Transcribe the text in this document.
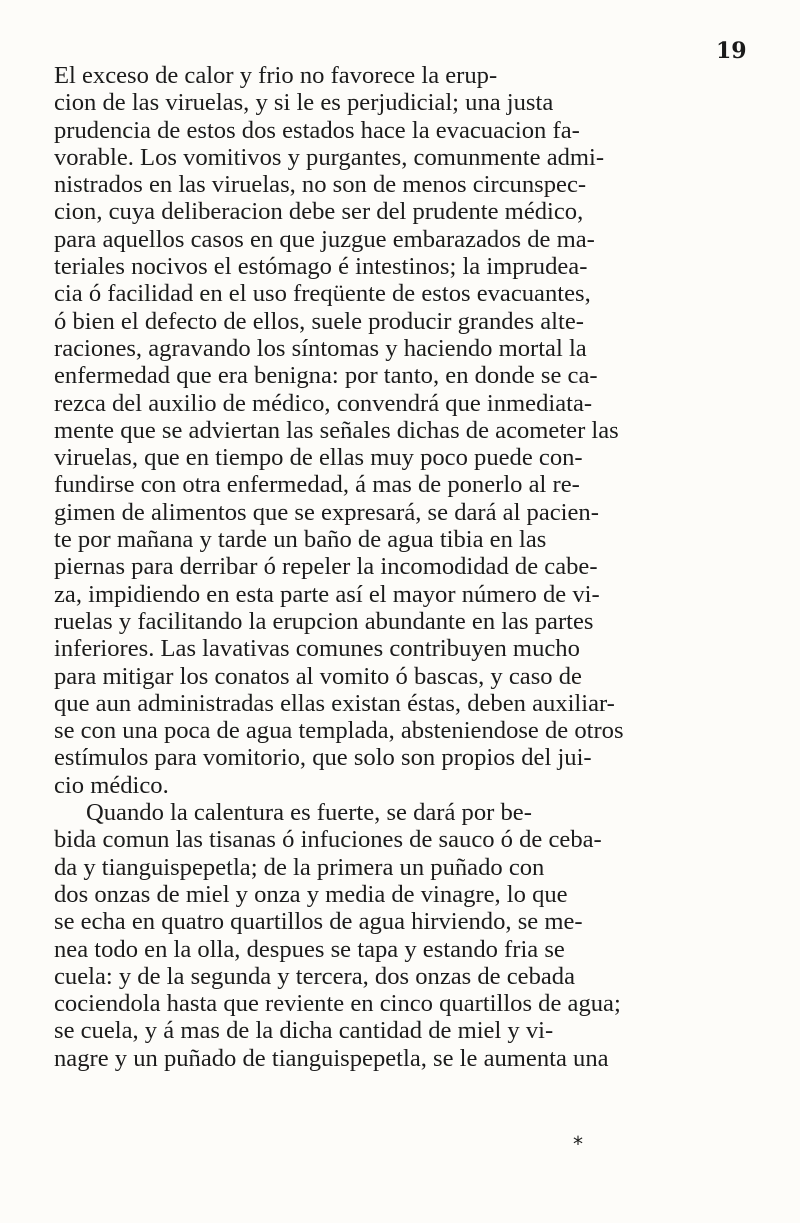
19
El exceso de calor y frio no favorece la erup-
cion de las viruelas, y si le es perjudicial; una justa
prudencia de estos dos estados hace la evacuacion fa-
vorable. Los vomitivos y purgantes, comunmente admi-
nistrados en las viruelas, no son de menos circunspec-
cion, cuya deliberacion debe ser del prudente médico,
para aquellos casos en que juzgue embarazados de ma-
teriales nocivos el estómago é intestinos; la imprudea-
cia ó facilidad en el uso freqüente de estos evacuantes,
ó bien el defecto de ellos, suele producir grandes alte-
raciones, agravando los síntomas y haciendo mortal la
enfermedad que era benigna: por tanto, en donde se ca-
rezca del auxilio de médico, convendrá que inmediata-
mente que se adviertan las señales dichas de acometer las
viruelas, que en tiempo de ellas muy poco puede con-
fundirse con otra enfermedad, á mas de ponerlo al re-
gimen de alimentos que se expresará, se dará al pacien-
te por mañana y tarde un baño de agua tibia en las
piernas para derribar ó repeler la incomodidad de cabe-
za, impidiendo en esta parte así el mayor número de vi-
ruelas y facilitando la erupcion abundante en las partes
inferiores. Las lavativas comunes contribuyen mucho
para mitigar los conatos al vomito ó bascas, y caso de
que aun administradas ellas existan éstas, deben auxiliar-
se con una poca de agua templada, absteniendose de otros
estímulos para vomitorio, que solo son propios del jui-
cio médico.
Quando la calentura es fuerte, se dará por be-
bida comun las tisanas ó infuciones de sauco ó de ceba-
da y tianguispepetla; de la primera un puñado con
dos onzas de miel y onza y media de vinagre, lo que
se echa en quatro quartillos de agua hirviendo, se me-
nea todo en la olla, despues se tapa y estando fria se
cuela: y de la segunda y tercera, dos onzas de cebada
cociendola hasta que reviente en cinco quartillos de agua;
se cuela, y á mas de la dicha cantidad de miel y vi-
nagre y un puñado de tianguispepetla, se le aumenta una
*
